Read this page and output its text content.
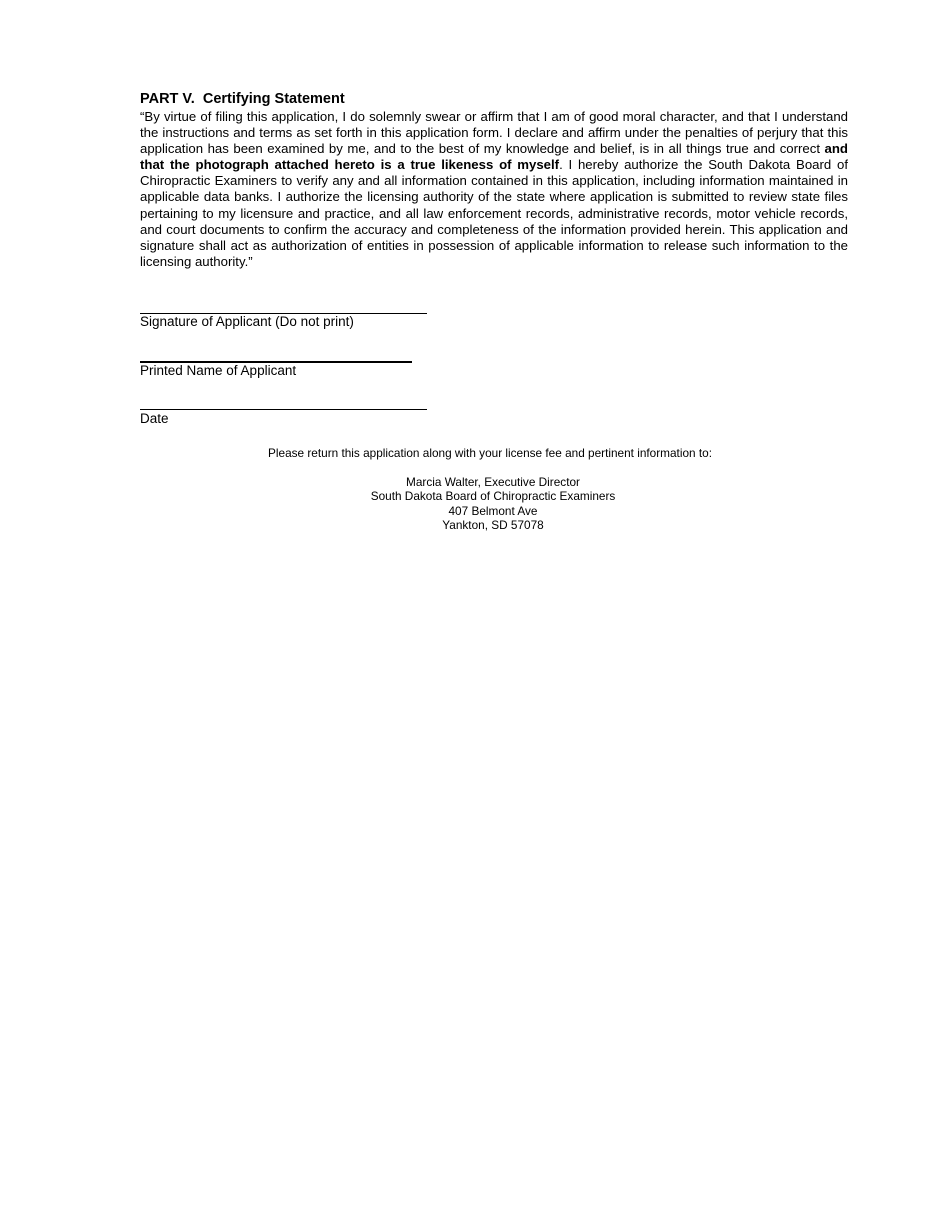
PART V.  Certifying Statement
“By virtue of filing this application, I do solemnly swear or affirm that I am of good moral character, and that I understand the instructions and terms as set forth in this application form. I declare and affirm under the penalties of perjury that this application has been examined by me, and to the best of my knowledge and belief, is in all things true and correct and that the photograph attached hereto is a true likeness of myself. I hereby authorize the South Dakota Board of Chiropractic Examiners to verify any and all information contained in this application, including information maintained in applicable data banks. I authorize the licensing authority of the state where application is submitted to review state files pertaining to my licensure and practice, and all law enforcement records, administrative records, motor vehicle records, and court documents to confirm the accuracy and completeness of the information provided herein. This application and signature shall act as authorization of entities in possession of applicable information to release such information to the licensing authority.”
Signature of Applicant (Do not print)
Printed Name of Applicant
Date
Please return this application along with your license fee and pertinent information to:
Marcia Walter, Executive Director
South Dakota Board of Chiropractic Examiners
407 Belmont Ave
Yankton, SD 57078
